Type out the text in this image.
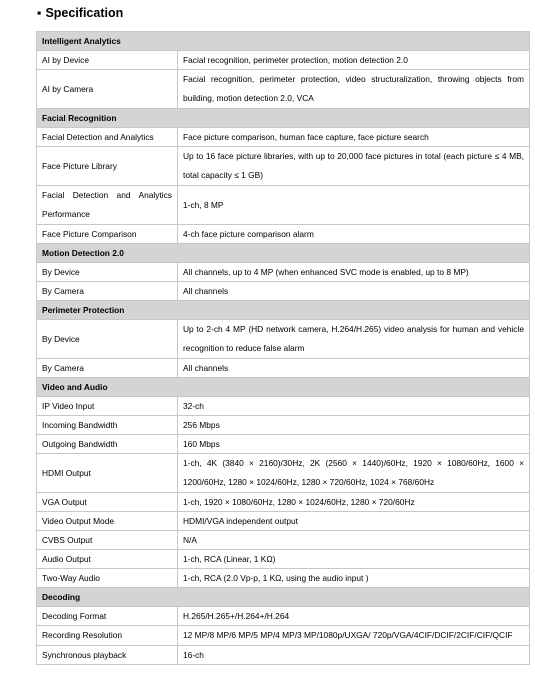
▪ Specification
Intelligent Analytics	
AI by Device	Facial recognition, perimeter protection, motion detection 2.0
AI by Camera	Facial recognition, perimeter protection, video structuralization, throwing objects from building, motion detection 2.0, VCA
Facial Recognition	
Facial Detection and Analytics	Face picture comparison, human face capture, face picture search
Face Picture Library	Up to 16 face picture libraries, with up to 20,000 face pictures in total (each picture ≤ 4 MB, total capacity ≤ 1 GB)
Facial Detection and Analytics Performance	1-ch, 8 MP
Face Picture Comparison	4-ch face picture comparison alarm
Motion Detection 2.0	
By Device	All channels, up to 4 MP (when enhanced SVC mode is enabled, up to 8 MP)
By Camera	All channels
Perimeter Protection	
By Device	Up to 2-ch 4 MP (HD network camera, H.264/H.265) video analysis for human and vehicle recognition to reduce false alarm
By Camera	All channels
Video and Audio	
IP Video Input	32-ch
Incoming Bandwidth	256 Mbps
Outgoing Bandwidth	160 Mbps
HDMI Output	1-ch, 4K (3840 × 2160)/30Hz, 2K (2560 × 1440)/60Hz, 1920 × 1080/60Hz, 1600 × 1200/60Hz, 1280 × 1024/60Hz, 1280 × 720/60Hz, 1024 × 768/60Hz
VGA Output	1-ch, 1920 × 1080/60Hz, 1280 × 1024/60Hz, 1280 × 720/60Hz
Video Output Mode	HDMI/VGA independent output
CVBS Output	N/A
Audio Output	1-ch, RCA (Linear, 1 KΩ)
Two-Way Audio	1-ch, RCA (2.0 Vp-p, 1 KΩ, using the audio input )
Decoding	
Decoding Format	H.265/H.265+/H.264+/H.264
Recording Resolution	12 MP/8 MP/6 MP/5 MP/4 MP/3 MP/1080p/UXGA/ 720p/VGA/4CIF/DCIF/2CIF/CIF/QCIF
Synchronous playback	16-ch
